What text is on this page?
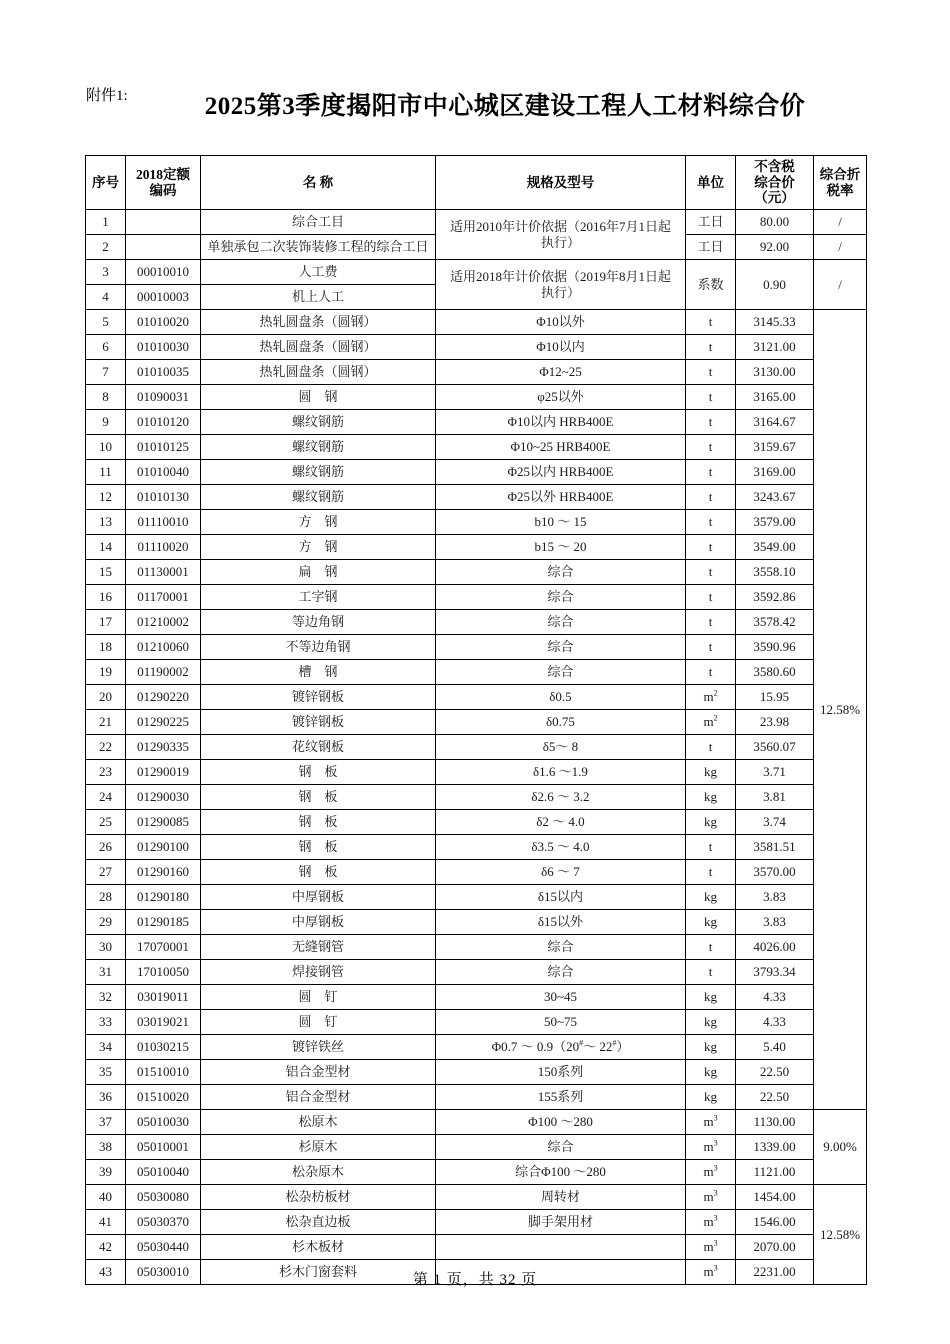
附件1:	2025第3季度揭阳市中心城区建设工程人工材料综合价
序号	2018定额
编码	名 称	规格及型号	单位	不含税
综合价
（元）	综合折
税率
1		综合工目	适用2010年计价依据（2016年7月1日起执行）	工日	80.00	/
2		单独承包二次装饰装修工程的综合工日		工日	92.00	/
3	00010010	人工费	适用2018年计价依据（2019年8月1日起执行）	系数	0.90	/
4	00010003	机上人工				
5	01010020	热轧圆盘条（圆钢）	Φ10以外	t	3145.33	12.58%
6	01010030	热轧圆盘条（圆钢）	Φ10以内	t	3121.00	
7	01010035	热轧圆盘条（圆钢）	Φ12~25	t	3130.00	
8	01090031	圆　钢	φ25以外	t	3165.00	
9	01010120	螺纹钢筋	Φ10以内 HRB400E	t	3164.67	
10	01010125	螺纹钢筋	Φ10~25 HRB400E	t	3159.67	
11	01010040	螺纹钢筋	Φ25以内 HRB400E	t	3169.00	
12	01010130	螺纹钢筋	Φ25以外 HRB400E	t	3243.67	
13	01110010	方　钢	b10 ～ 15	t	3579.00	
14	01110020	方　钢	b15 ～ 20	t	3549.00	
15	01130001	扁　钢	综合	t	3558.10	
16	01170001	工字钢	综合	t	3592.86	
17	01210002	等边角钢	综合	t	3578.42	
18	01210060	不等边角钢	综合	t	3590.96	
19	01190002	槽　钢	综合	t	3580.60	
20	01290220	镀锌钢板	δ0.5	$m^2$	15.95	
21	01290225	镀锌钢板	δ0.75	$m^2$	23.98	
22	01290335	花纹钢板	δ5～ 8	t	3560.07	
23	01290019	钢　板	δ1.6 ～1.9	kg	3.71	
24	01290030	钢　板	δ2.6 ～ 3.2	kg	3.81	
25	01290085	钢　板	δ2 ～ 4.0	kg	3.74	
26	01290100	钢　板	δ3.5 ～ 4.0	t	3581.51	
27	01290160	钢　板	δ6 ～ 7	t	3570.00	
28	01290180	中厚钢板	δ15以内	kg	3.83	
29	01290185	中厚钢板	δ15以外	kg	3.83	
30	17070001	无缝钢管	综合	t	4026.00	
31	17010050	焊接钢管	综合	t	3793.34	
32	03019011	圆　钉	30~45	kg	4.33	
33	03019021	圆　钉	50~75	kg	4.33	
34	01030215	镀锌铁丝	Φ0.7 ～ 0.9（20#～ 22#）	kg	5.40	
35	01510010	铝合金型材	150系列	kg	22.50	
36	01510020	铝合金型材	155系列	kg	22.50	
37	05010030	松原木	Φ100 ～280	$m^3$	1130.00	9.00%
38	05010001	杉原木	综合	$m^3$	1339.00	
39	05010040	松杂原木	综合Φ100 ～280	$m^3$	1121.00	
40	05030080	松杂枋板材	周转材	$m^3$	1454.00	12.58%
41	05030370	松杂直边板	脚手架用材	$m^3$	1546.00	
42	05030440	杉木板材		$m^3$	2070.00	
43	05030010	杉木门窗套料		$m^3$	2231.00	
第 1 页，共 32 页
